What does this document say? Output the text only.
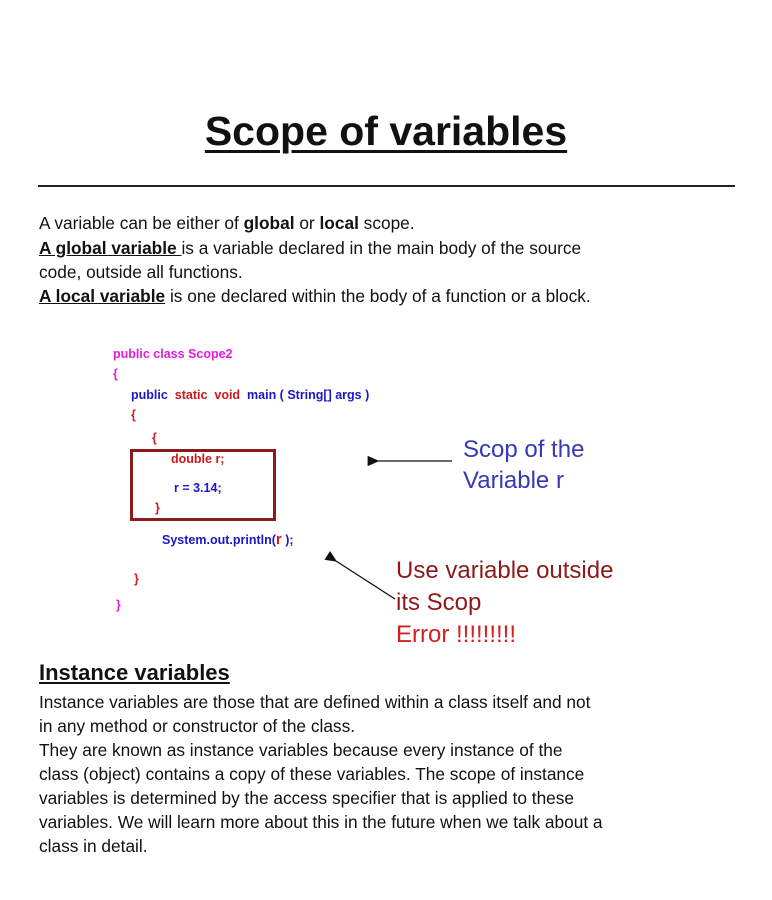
Scope of variables
A variable can be either of global or local scope.
A global variable is a variable declared in the main body of the source
code, outside all functions.
A local variable is one declared within the body of a function or a block.
public class Scope2
{
public static void main ( String[] args )
{
{
double r;
r = 3.14;
}
System.out.println(r );
}
}
Scop of the
Variable r
Use variable outside
its Scop
Error !!!!!!!!!
Instance variables
Instance variables are those that are defined within a class itself and not
in any method or constructor of the class.
They are known as instance variables because every instance of the
class (object) contains a copy of these variables. The scope of instance
variables is determined by the access specifier that is applied to these
variables. We will learn more about this in the future when we talk about a
class in detail.
